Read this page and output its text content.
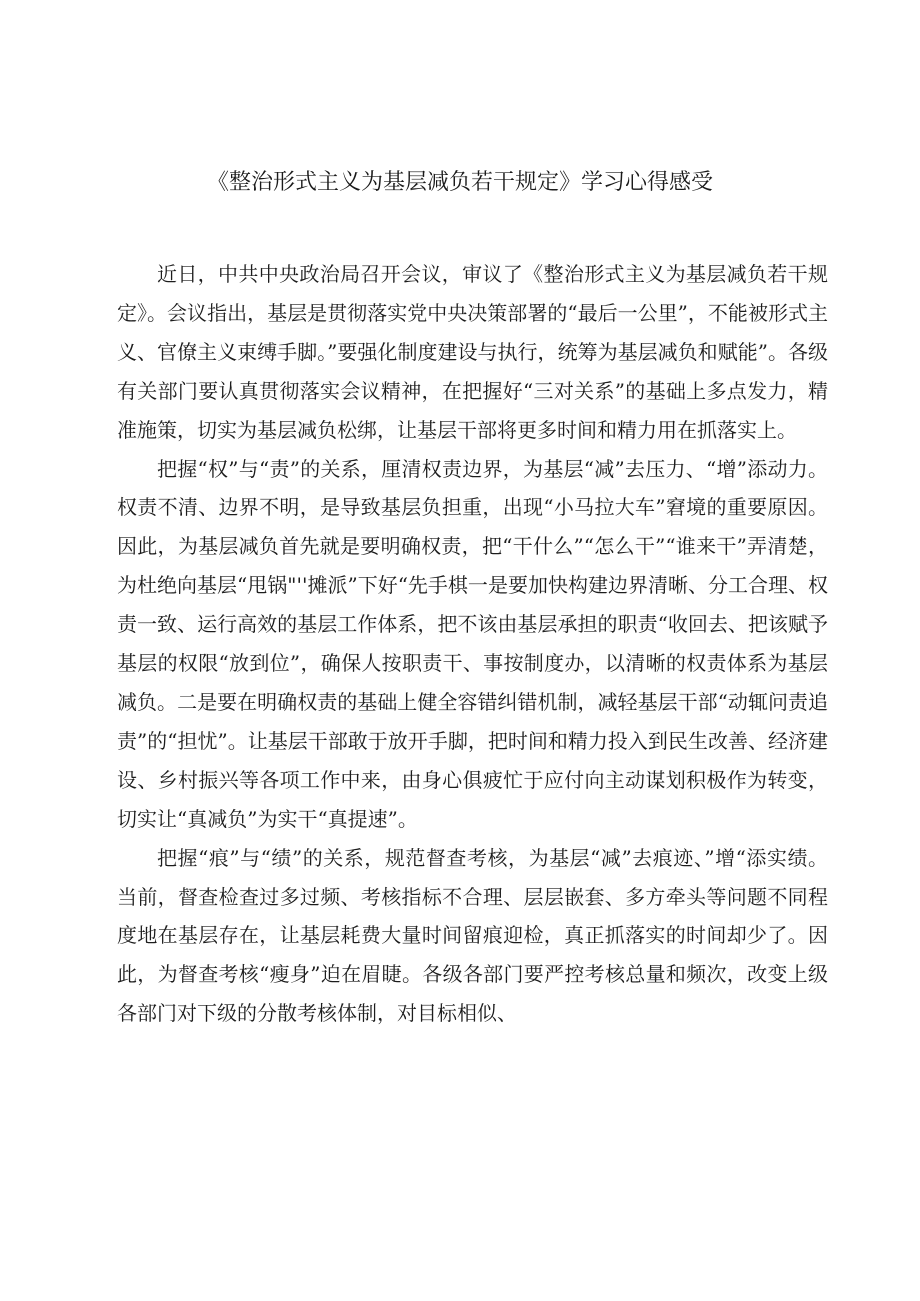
《整治形式主义为基层减负若干规定》学习心得感受

近日，中共中央政治局召开会议，审议了《整治形式主义为基层减负若干规定》。会议指出，基层是贯彻落实党中央决策部署的“最后一公里”，不能被形式主义、官僚主义束缚手脚。”要强化制度建设与执行，统筹为基层减负和赋能”。各级有关部门要认真贯彻落实会议精神，在把握好“三对关系”的基础上多点发力，精准施策，切实为基层减负松绑，让基层干部将更多时间和精力用在抓落实上。

把握“权”与“责”的关系，厘清权责边界，为基层“减”去压力、“增”添动力。权责不清、边界不明，是导致基层负担重，出现“小马拉大车”窘境的重要原因。因此，为基层减负首先就是要明确权责，把“干什么”“怎么干”“谁来干”弄清楚，为杜绝向基层“甩锅"''摊派”下好“先手棋一是要加快构建边界清晰、分工合理、权责一致、运行高效的基层工作体系，把不该由基层承担的职责“收回去、把该赋予基层的权限“放到位”，确保人按职责干、事按制度办，以清晰的权责体系为基层减负。二是要在明确权责的基础上健全容错纠错机制，减轻基层干部“动辄问责追责”的“担忧”。让基层干部敢于放开手脚，把时间和精力投入到民生改善、经济建设、乡村振兴等各项工作中来，由身心俱疲忙于应付向主动谋划积极作为转变，切实让“真减负”为实干“真提速”。

把握“痕”与“绩”的关系，规范督查考核，为基层“减”去痕迹、”增“添实绩。当前，督查检查过多过频、考核指标不合理、层层嵌套、多方牵头等问题不同程度地在基层存在，让基层耗费大量时间留痕迎检，真正抓落实的时间却少了。因此，为督查考核“瘦身”迫在眉睫。各级各部门要严控考核总量和频次，改变上级各部门对下级的分散考核体制，对目标相似、
